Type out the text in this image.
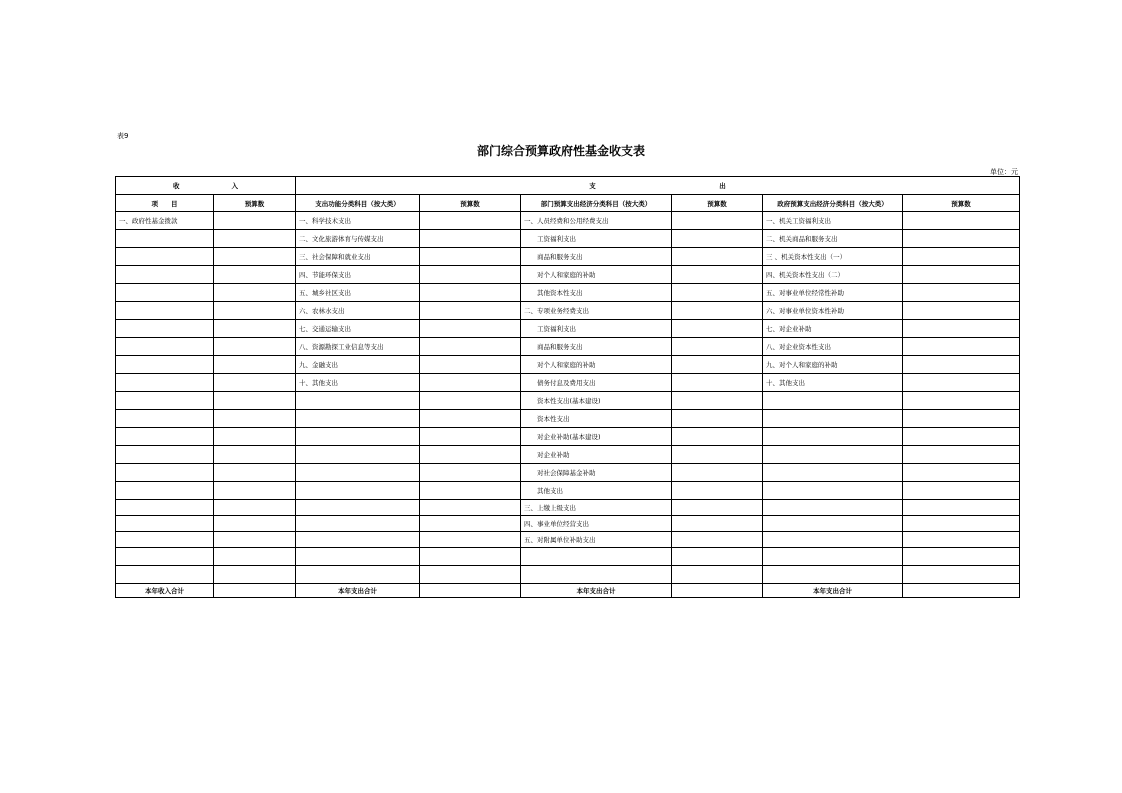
表9
部门综合预算政府性基金收支表
单位：元
收　　　　　　　　入		支　　　　　　　　　　　　　　　　　　　出					
项　　目	预算数	支出功能分类科目（按大类）	预算数	部门预算支出经济分类科目（按大类）	预算数	政府预算支出经济分类科目（按大类）	预算数
一、政府性基金拨款		一、科学技术支出		一、人员经费和公用经费支出		一、机关工资福利支出	
		二、文化旅游体育与传媒支出		工资福利支出		二、机关商品和服务支出	
		三、社会保障和就业支出		商品和服务支出		三 、机关资本性支出（一）	
		四、节能环保支出		对个人和家庭的补助		四、机关资本性支出（二）	
		五、城乡社区支出		其他资本性支出		五、对事业单位经常性补助	
		六、农林水支出		二、专项业务经费支出		六、对事业单位资本性补助	
		七、交通运输支出		工资福利支出		七、对企业补助	
		八、资源勘探工业信息等支出		商品和服务支出		八、对企业资本性支出	
		九、金融支出		对个人和家庭的补助		九、对个人和家庭的补助	
		十、其他支出		债务付息及费用支出		十、其他支出	
				资本性支出(基本建设)			
				资本性支出			
				对企业补助(基本建设)			
				对企业补助			
				对社会保障基金补助			
				其他支出			
				三、上缴上级支出			
				四、事业单位经营支出			
				五、对附属单位补助支出			

本年收入合计		本年支出合计		本年支出合计		本年支出合计	
